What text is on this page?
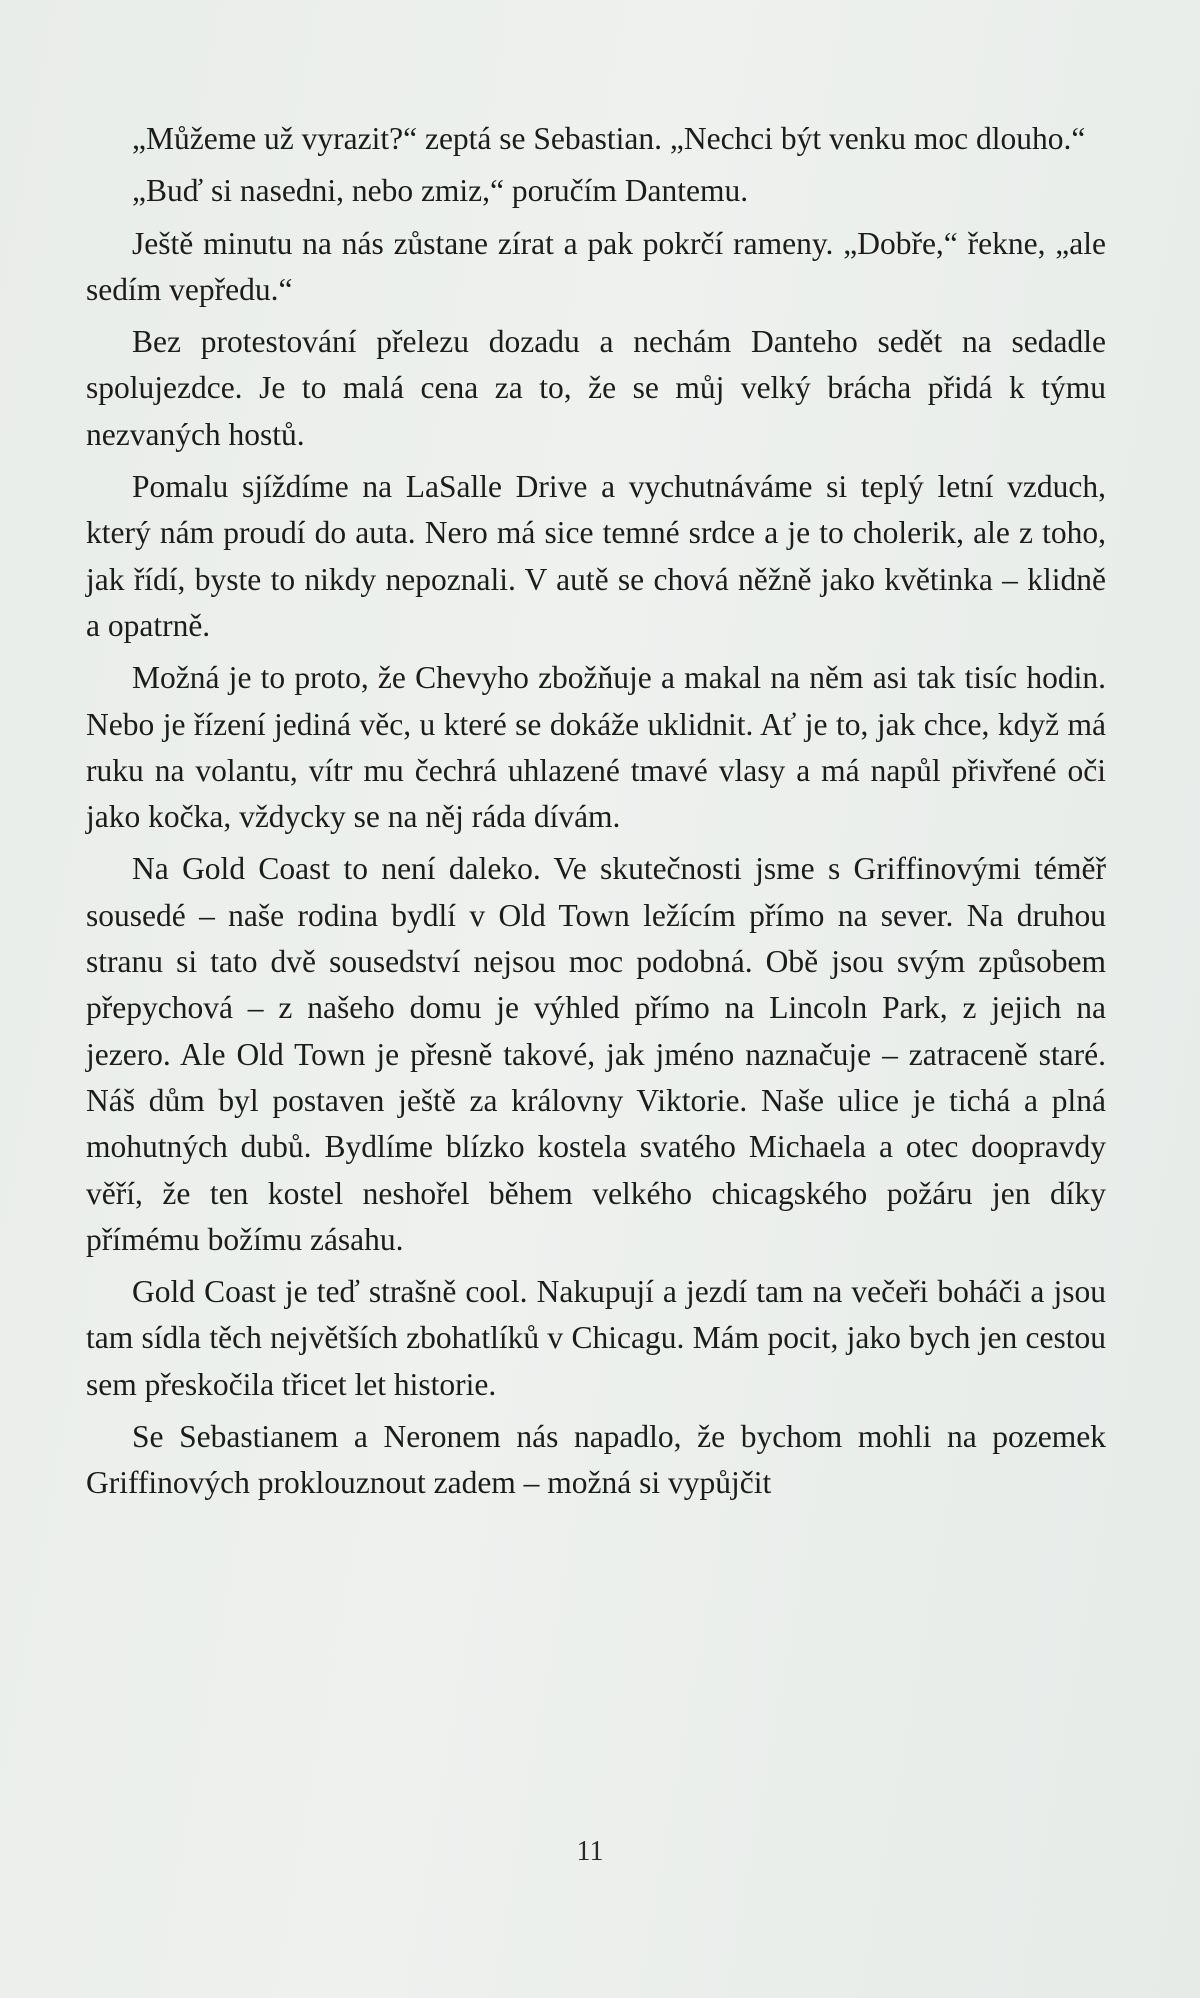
„Můžeme už vyrazit?“ zeptá se Sebastian. „Nechci být venku moc dlouho.“

„Buď si nasedni, nebo zmiz,“ poručím Dantemu.

Ještě minutu na nás zůstane zírat a pak pokrčí rameny. „Dobře,“ řekne, „ale sedím vepředu.“

Bez protestování přelezu dozadu a nechám Danteho sedět na sedadle spolujezdce. Je to malá cena za to, že se můj velký brácha přidá k týmu nezvaných hostů.

Pomalu sjíždíme na LaSalle Drive a vychutnáváme si teplý letní vzduch, který nám proudí do auta. Nero má sice temné srdce a je to cholerik, ale z toho, jak řídí, byste to nikdy nepoznali. V autě se chová něžně jako květinka – klidně a opatrně.

Možná je to proto, že Chevyho zbožňuje a makal na něm asi tak tisíc hodin. Nebo je řízení jediná věc, u které se dokáže uklidnit. Ať je to, jak chce, když má ruku na volantu, vítr mu čechrá uhlazené tmavé vlasy a má napůl přivřené oči jako kočka, vždycky se na něj ráda dívám.

Na Gold Coast to není daleko. Ve skutečnosti jsme s Griffinovými téměř sousedé – naše rodina bydlí v Old Town ležícím přímo na sever. Na druhou stranu si tato dvě sousedství nejsou moc podobná. Obě jsou svým způsobem přepychová – z našeho domu je výhled přímo na Lincoln Park, z jejich na jezero. Ale Old Town je přesně takové, jak jméno naznačuje – zatraceně staré. Náš dům byl postaven ještě za královny Viktorie. Naše ulice je tichá a plná mohutných dubů. Bydlíme blízko kostela svatého Michaela a otec doopravdy věří, že ten kostel neshořel během velkého chicagského požáru jen díky přímému božímu zásahu.

Gold Coast je teď strašně cool. Nakupují a jezdí tam na večeři boháči a jsou tam sídla těch největších zbohatlíků v Chicagu. Mám pocit, jako bych jen cestou sem přeskočila třicet let historie.

Se Sebastianem a Neronem nás napadlo, že bychom mohli na pozemek Griffinových proklouznout zadem – možná si vypůjčit

11
